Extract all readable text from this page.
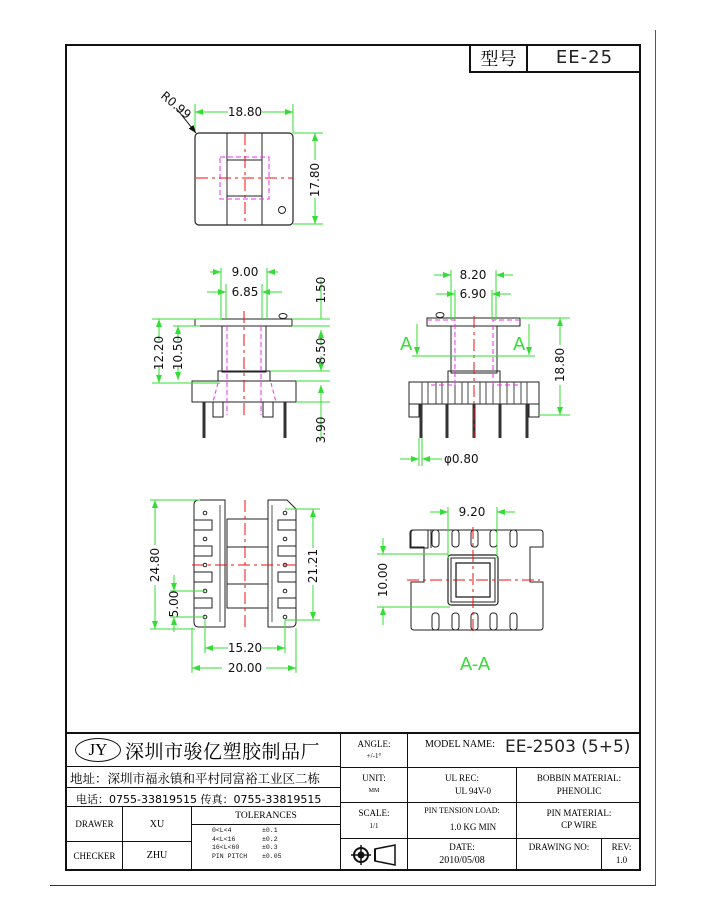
型号	EE-25
18.80
17.80
R0.99
9.00
6.85
12.20 10.50
1.50
8.50
3.90
8.20
6.90
18.80
A	A
φ0.80
24.80
5.00
21.21
15.20
20.00
9.20
10.00
A-A
JY 深圳市骏亿塑胶制品厂
地址：深圳市福永镇和平村同富裕工业区二栋
电话：0755-33819515 传真：0755-33819515
DRAWER	XU
CHECKER	ZHU
TOLERANCES
0<L<4	±0.1
4<L<16	±0.2
16<L<60	±0.3
PIN PITCH	±0.05
ANGLE:
+/-1°
UNIT:
MM
SCALE:
1/1
MODEL NAME: EE-2503 (5+5)
UL REC:
UL 94V-0
BOBBIN MATERIAL:
PHENOLIC
PIN TENSION LOAD:
1.0 KG MIN
PIN MATERIAL:
CP WIRE
DATE:
2010/05/08
DRAWING NO:	REV:
1.0
